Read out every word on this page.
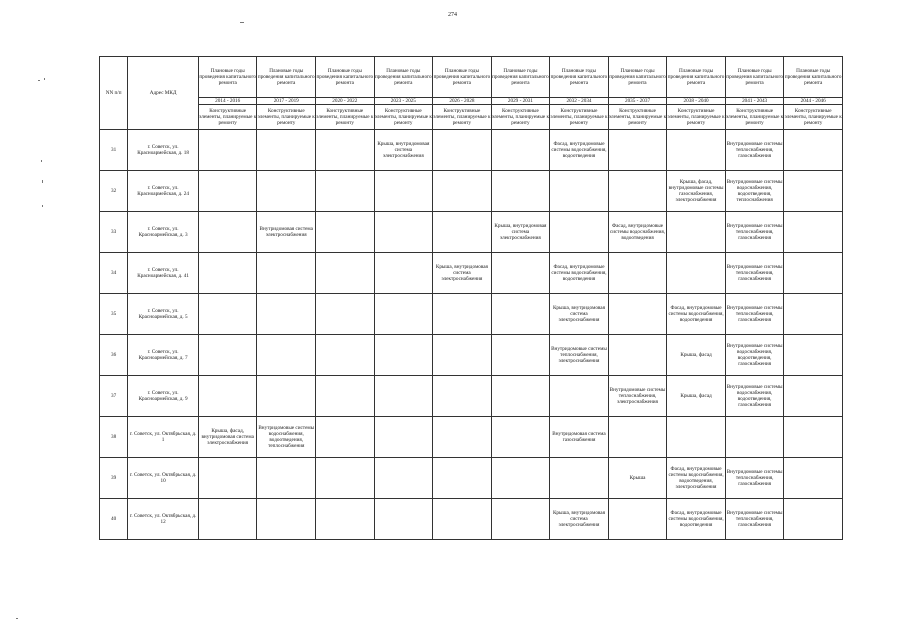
274
NN п/п	Адрес МКД	Плановые годы проведения капитального ремонта	Плановые годы проведения капитального ремонта	Плановые годы проведения капитального ремонта	Плановые годы проведения капитального ремонта	Плановые годы проведения капитального ремонта	Плановые годы проведения капитального ремонта	Плановые годы проведения капитального ремонта	Плановые годы проведения капитального ремонта	Плановые годы проведения капитального ремонта	Плановые годы проведения капитального ремонта	Плановые годы проведения капитального ремонта
		2014 - 2016	2017 - 2019	2020 - 2022	2023 - 2025	2026 - 2028	2029 - 2031	2032 - 2034	2035 - 2037	2038 - 2040	2041 - 2043	2044 - 2046
		Конструктивные элементы, планируемые к ремонту	Конструктивные элементы, планируемые к ремонту	Конструктивные элементы, планируемые к ремонту	Конструктивные элементы, планируемые к ремонту	Конструктивные элементы, планируемые к ремонту	Конструктивные элементы, планируемые к ремонту	Конструктивные элементы, планируемые к ремонту	Конструктивные элементы, планируемые к ремонту	Конструктивные элементы, планируемые к ремонту	Конструктивные элементы, планируемые к ремонту	Конструктивные элементы, планируемые к ремонту
31	г. Советск, ул. Красноармейская, д. 18				Крыша, внутридомовая система электроснабжения			Фасад, внутридомовые системы водоснабжения, водоотведения			Внутридомовые системы теплоснабжения, газоснабжения	
32	г. Советск, ул. Красноармейская, д. 24									Крыша, фасад, внутридомовые системы газоснабжения, электроснабжения	Внутридомовые системы водоснабжения, водоотведения, теплоснабжения	
33	г. Советск, ул. Красноармейская, д. 3		Внутридомовая система электроснабжения				Крыша, внутридомовая система электроснабжения		Фасад, внутридомовые системы водоснабжения, водоотведения		Внутридомовые системы теплоснабжения, газоснабжения	
34	г. Советск, ул. Красноармейская, д. 41					Крыша, внутридомовая система электроснабжения		Фасад, внутридомовые системы водоснабжения, водоотведения			Внутридомовые системы теплоснабжения, газоснабжения	
35	г. Советск, ул. Красноармейская, д. 5							Крыша, внутридомовая система электроснабжения		Фасад, внутридомовые системы водоснабжения, водоотведения	Внутридомовые системы теплоснабжения, газоснабжения	
36	г. Советск, ул. Красноармейская, д. 7							Внутридомовые системы теплоснабжения, электроснабжения		Крыша, фасад	Внутридомовые системы водоснабжения, водоотведения, газоснабжения	
37	г. Советск, ул. Красноармейская, д. 9								Внутридомовые системы теплоснабжения, электроснабжения	Крыша, фасад	Внутридомовые системы водоснабжения, водоотведения, газоснабжения	
38	г. Советск, ул. Октябрьская, д. 1	Крыша, фасад, внутридомовая система электроснабжения	Внутридомовые системы водоснабжения, водоотведения, теплоснабжения					Внутридомовая система газоснабжения				
39	г. Советск, ул. Октябрьская, д. 10								Крыша	Фасад, внутридомовые системы водоснабжения, водоотведения, электроснабжения	Внутридомовые системы теплоснабжения, газоснабжения	
40	г. Советск, ул. Октябрьская, д. 12							Крыша, внутридомовая система электроснабжения		Фасад, внутридомовые системы водоснабжения, водоотведения	Внутридомовые системы теплоснабжения, газоснабжения	
